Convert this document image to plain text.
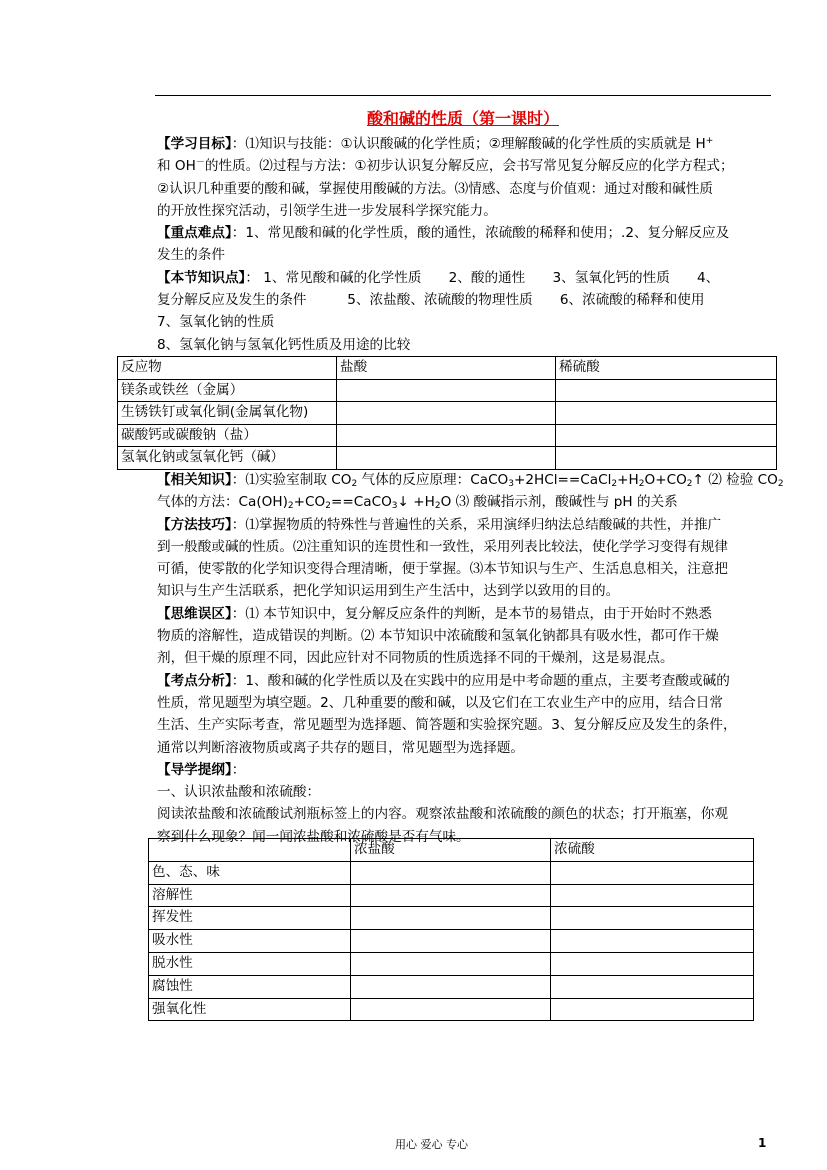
酸和碱的性质（第一课时）
【学习目标】：⑴知识与技能：①认识酸碱的化学性质；②理解酸碱的化学性质的实质就是 H+
和 OH－的性质。⑵过程与方法：①初步认识复分解反应，会书写常见复分解反应的化学方程式；
②认识几种重要的酸和碱，掌握使用酸碱的方法。⑶情感、态度与价值观：通过对酸和碱性质
的开放性探究活动，引领学生进一步发展科学探究能力。
【重点难点】：1、常见酸和碱的化学性质，酸的通性，浓硫酸的稀释和使用；.2、复分解反应及
发生的条件
【本节知识点】： 1、常见酸和碱的化学性质　　2、酸的通性　　3、氢氧化钙的性质　　4、
复分解反应及发生的条件　　　5、浓盐酸、浓硫酸的物理性质　　6、浓硫酸的稀释和使用
7、氢氧化钠的性质
8、氢氧化钠与氢氧化钙性质及用途的比较
反应物	盐酸	稀硫酸
镁条或铁丝（金属）		
生锈铁钉或氧化铜(金属氧化物)		
碳酸钙或碳酸钠（盐）		
氢氧化钠或氢氧化钙（碱）		
【相关知识】：⑴实验室制取 $CO_2$ 气体的反应原理：$CaCO_3+2HCl==CaCl_2+H_2O+CO_2↑$ ⑵ 检验 $CO_2$
气体的方法：$Ca(OH)_2+CO_2==CaCO_3↓ +H_2O$ ⑶ 酸碱指示剂，酸碱性与 pH 的关系
【方法技巧】：⑴掌握物质的特殊性与普遍性的关系，采用演绎归纳法总结酸碱的共性，并推广
到一般酸或碱的性质。⑵注重知识的连贯性和一致性，采用列表比较法，使化学学习变得有规律
可循，使零散的化学知识变得合理清晰，便于掌握。⑶本节知识与生产、生活息息相关，注意把
知识与生产生活联系，把化学知识运用到生产生活中，达到学以致用的目的。
【思维误区】：⑴ 本节知识中，复分解反应条件的判断，是本节的易错点，由于开始时不熟悉
物质的溶解性，造成错误的判断。⑵ 本节知识中浓硫酸和氢氧化钠都具有吸水性，都可作干燥
剂，但干燥的原理不同，因此应针对不同物质的性质选择不同的干燥剂，这是易混点。
【考点分析】：1、酸和碱的化学性质以及在实践中的应用是中考命题的重点，主要考查酸或碱的
性质，常见题型为填空题。2、几种重要的酸和碱，以及它们在工农业生产中的应用，结合日常
生活、生产实际考查，常见题型为选择题、简答题和实验探究题。3、复分解反应及发生的条件，
通常以判断溶液物质或离子共存的题目，常见题型为选择题。
【导学提纲】：
一、认识浓盐酸和浓硫酸：
阅读浓盐酸和浓硫酸试剂瓶标签上的内容。观察浓盐酸和浓硫酸的颜色的状态；打开瓶塞，你观
察到什么现象？闻一闻浓盐酸和浓硫酸是否有气味。
	浓盐酸	浓硫酸
色、态、味		
溶解性		
挥发性		
吸水性		
脱水性		
腐蚀性		
强氧化性		
用心 爱心 专心	1
